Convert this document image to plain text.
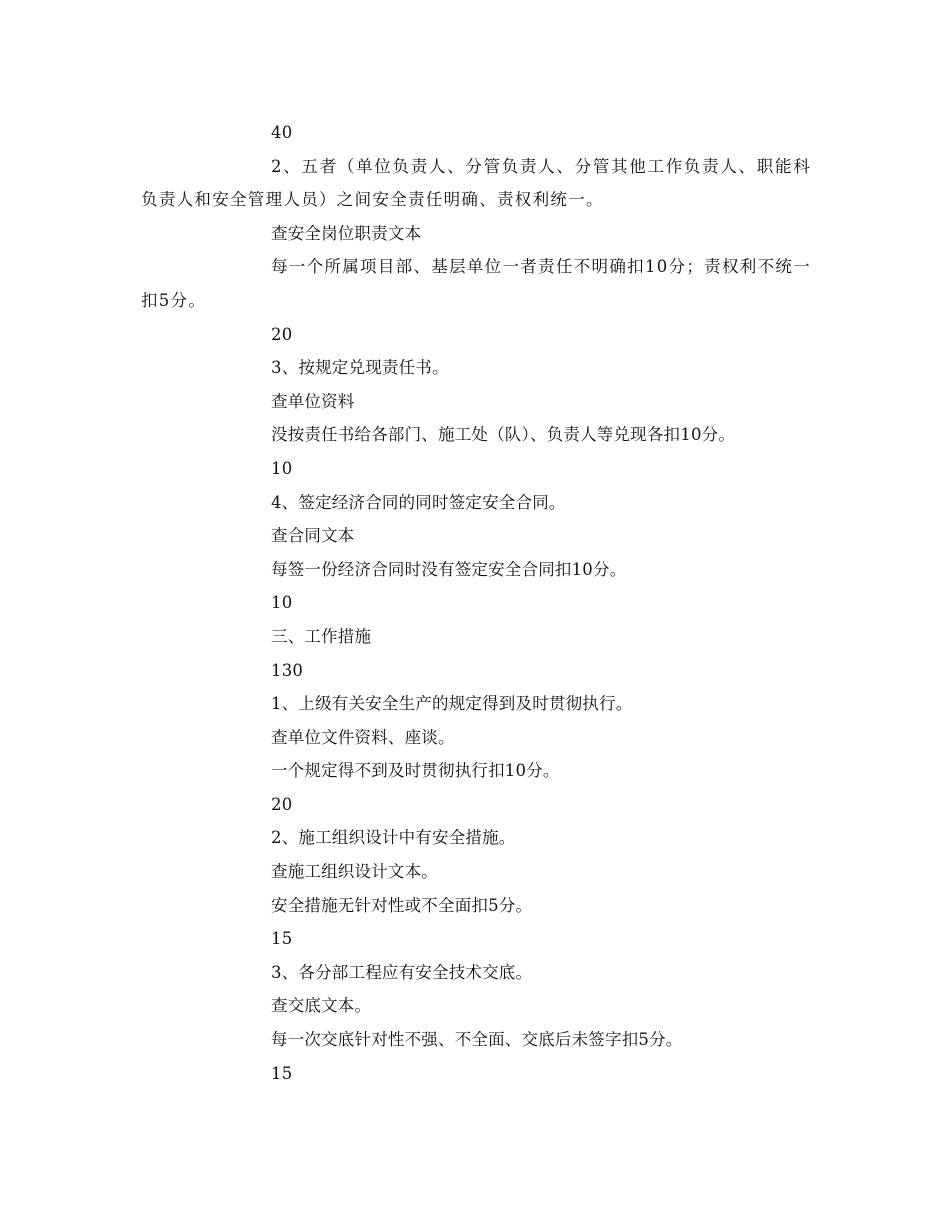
40

2、五者（单位负责人、分管负责人、分管其他工作负责人、职能科负责人和安全管理人员）之间安全责任明确、责权利统一。

查安全岗位职责文本

每一个所属项目部、基层单位一者责任不明确扣10分；责权利不统一扣5分。

20
3、按规定兑现责任书。
查单位资料
没按责任书给各部门、施工处（队）、负责人等兑现各扣10分。
10
4、签定经济合同的同时签定安全合同。
查合同文本
每签一份经济合同时没有签定安全合同扣10分。
10
三、工作措施
130
1、上级有关安全生产的规定得到及时贯彻执行。
查单位文件资料、座谈。
一个规定得不到及时贯彻执行扣10分。
20
2、施工组织设计中有安全措施。
查施工组织设计文本。
安全措施无针对性或不全面扣5分。
15
3、各分部工程应有安全技术交底。
查交底文本。
每一次交底针对性不强、不全面、交底后未签字扣5分。
15
